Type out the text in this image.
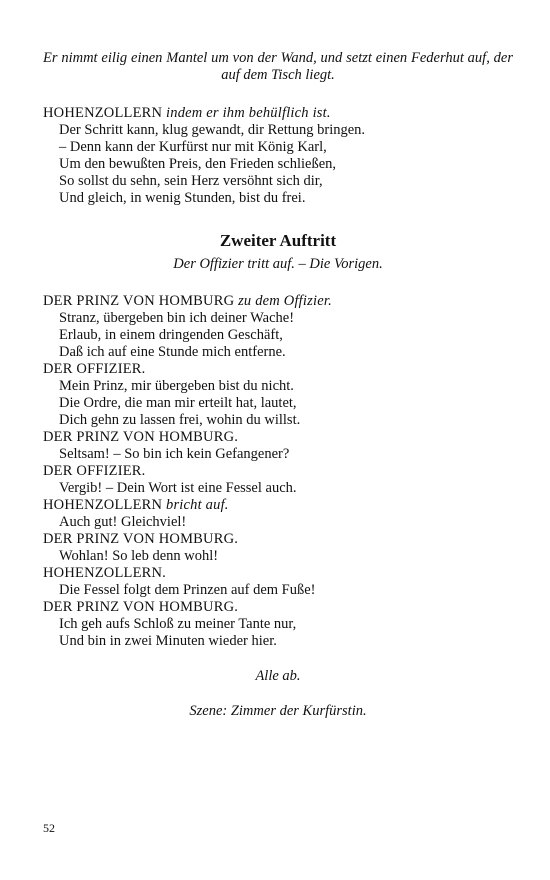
Er nimmt eilig einen Mantel um von der Wand, und setzt einen Federhut auf, der auf dem Tisch liegt.

HOHENZOLLERN indem er ihm behülflich ist.

Der Schritt kann, klug gewandt, dir Rettung bringen.

– Denn kann der Kurfürst nur mit König Karl,

Um den bewußten Preis, den Frieden schließen,

So sollst du sehn, sein Herz versöhnt sich dir,

Und gleich, in wenig Stunden, bist du frei.

Zweiter Auftritt

Der Offizier tritt auf. – Die Vorigen.

DER PRINZ VON HOMBURG zu dem Offizier.

Stranz, übergeben bin ich deiner Wache!

Erlaub, in einem dringenden Geschäft,

Daß ich auf eine Stunde mich entferne.

DER OFFIZIER.

Mein Prinz, mir übergeben bist du nicht.

Die Ordre, die man mir erteilt hat, lautet,

Dich gehn zu lassen frei, wohin du willst.

DER PRINZ VON HOMBURG.

Seltsam! – So bin ich kein Gefangener?

DER OFFIZIER.

Vergib! – Dein Wort ist eine Fessel auch.

HOHENZOLLERN bricht auf.

Auch gut! Gleichviel!

DER PRINZ VON HOMBURG.

Wohlan! So leb denn wohl!

HOHENZOLLERN.

Die Fessel folgt dem Prinzen auf dem Fuße!

DER PRINZ VON HOMBURG.

Ich geh aufs Schloß zu meiner Tante nur,

Und bin in zwei Minuten wieder hier.

Alle ab.

Szene: Zimmer der Kurfürstin.

52
